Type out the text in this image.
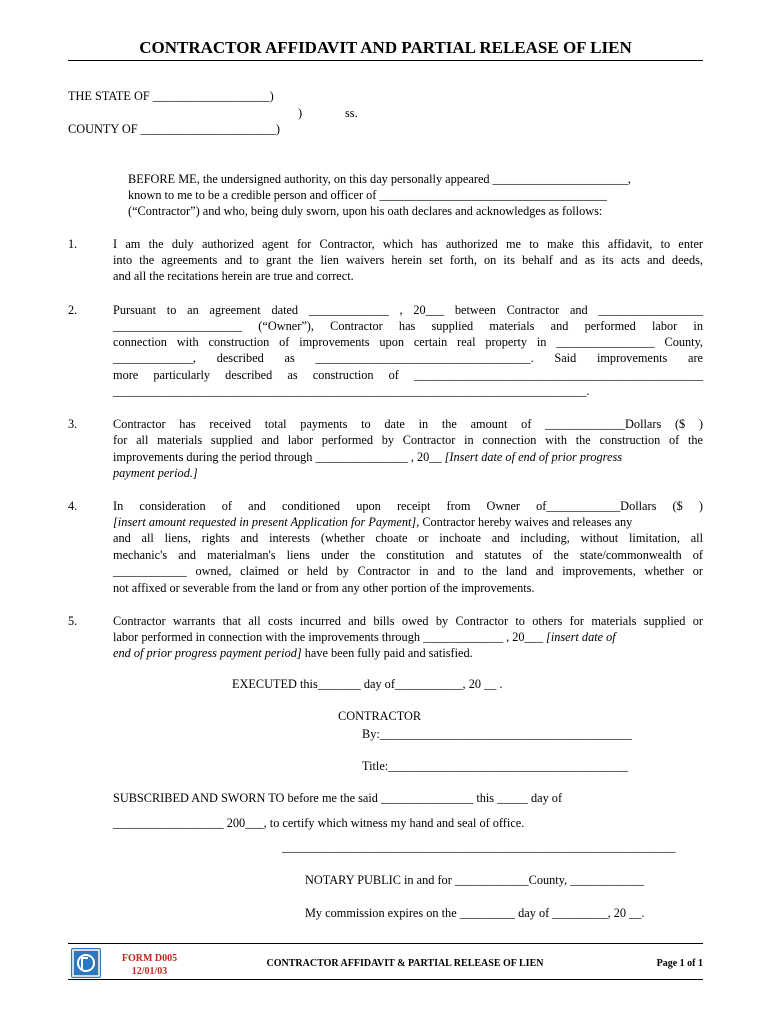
CONTRACTOR AFFIDAVIT AND PARTIAL RELEASE OF LIEN
THE STATE OF ___________________)
)	ss.
COUNTY OF ______________________)
BEFORE ME, the undersigned authority, on this day personally appeared ______________________,
known to me to be a credible person and officer of _____________________________________
(“Contractor”) and who, being duly sworn, upon his oath declares and acknowledges as follows:
1.	I am the duly authorized agent for Contractor, which has authorized me to make this affidavit, to enter
into the agreements and to grant the lien waivers herein set forth, on its behalf and as its acts and deeds,
and all the recitations herein are true and correct.
2.	Pursuant to an agreement dated _____________ , 20___ between Contractor and _________________
_____________________ (“Owner”), Contractor has supplied materials and performed labor in
connection with construction of improvements upon certain real property in ________________ County,
_____________, described as ___________________________________. Said improvements are
more particularly described as construction of _______________________________________________
_____________________________________________________________________________.
3.	Contractor has received total payments to date in the amount of _____________Dollars ($ )
for all materials supplied and labor performed by Contractor in connection with the construction of the
improvements during the period through _______________ , 20__ [Insert date of end of prior progress
payment period.]
4.	In consideration of and conditioned upon receipt from Owner of____________Dollars ($ )
[insert amount requested in present Application for Payment], Contractor hereby waives and releases any
and all liens, rights and interests (whether choate or inchoate and including, without limitation, all
mechanic's and materialman's liens under the constitution and statutes of the state/commonwealth of
____________ owned, claimed or held by Contractor in and to the land and improvements, whether or
not affixed or severable from the land or from any other portion of the improvements.
5.	Contractor warrants that all costs incurred and bills owed by Contractor to others for materials supplied or
labor performed in connection with the improvements through _____________ , 20___ [insert date of
end of prior progress payment period] have been fully paid and satisfied.
EXECUTED this_______ day of___________, 20 __ .
CONTRACTOR
By:_________________________________________
Title:_______________________________________
SUBSCRIBED AND SWORN TO before me the said _______________ this _____ day of
__________________ 200___, to certify which witness my hand and seal of office.
________________________________________________________________
NOTARY PUBLIC in and for ____________County, ____________
My commission expires on the _________ day of _________, 20 __.
FORM D005
12/01/03
CONTRACTOR AFFIDAVIT & PARTIAL RELEASE OF LIEN	Page 1 of 1
